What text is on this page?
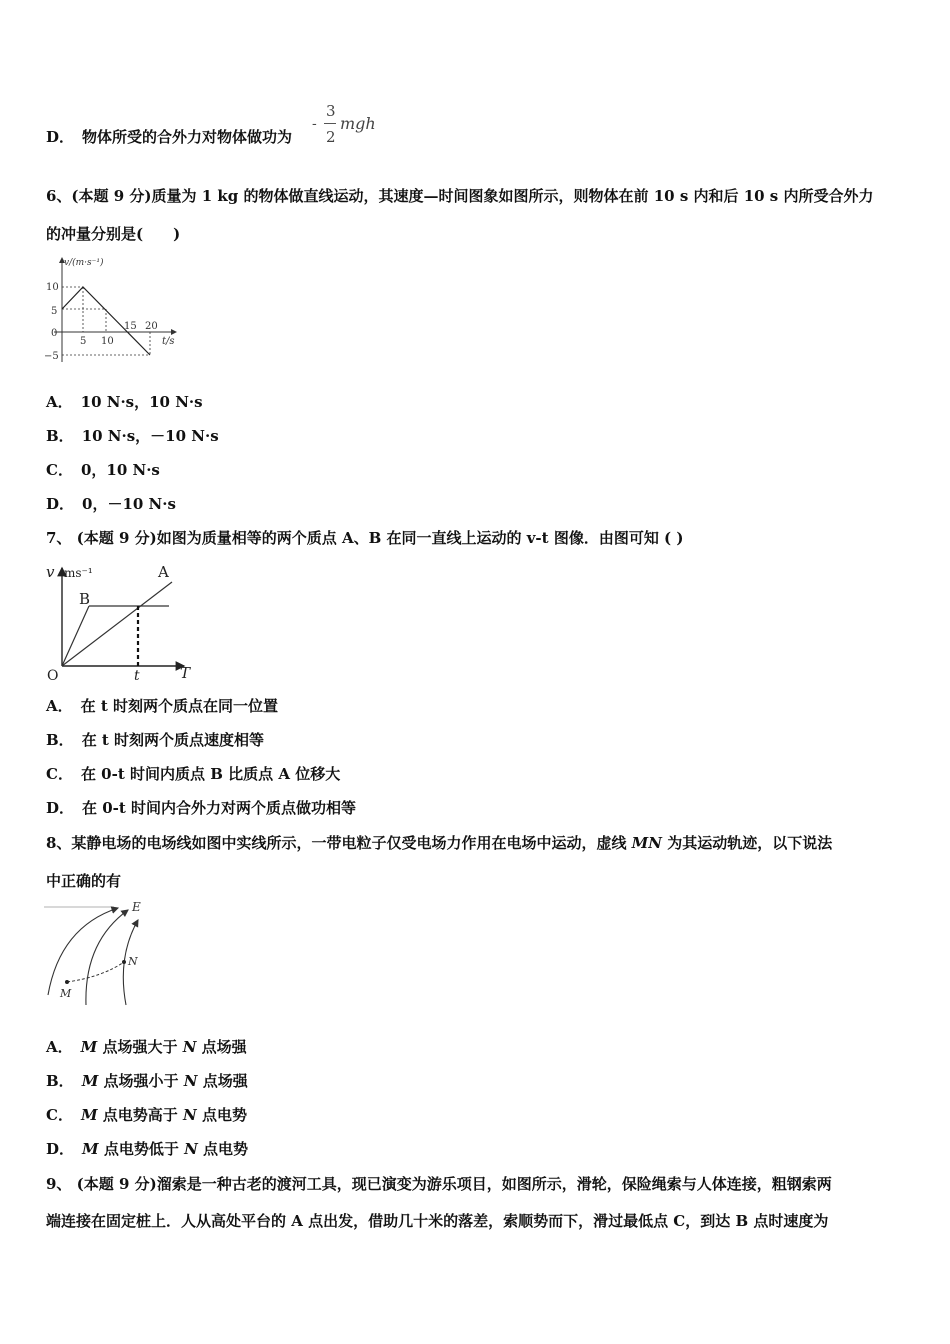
D． 物体所受的合外力对物体做功为
-
3
2
mgh
6、(本题 9 分)质量为 1 kg 的物体做直线运动，其速度—时间图象如图所示，则物体在前 10 s 内和后 10 s 内所受合外力
的冲量分别是(　　)
v/(m·s⁻¹)
t/s
10
5
0
−5
5 10
15 20
A． 10 N·s，10 N·s
B． 10 N·s，－10 N·s
C． 0，10 N·s
D． 0，－10 N·s
7、 (本题 9 分)如图为质量相等的两个质点 A、B 在同一直线上运动的 v-t 图像．由图可知 ( )
v ms⁻¹
T
O
A
B
t
A． 在 t 时刻两个质点在同一位置
B． 在 t 时刻两个质点速度相等
C． 在 0-t 时间内质点 B 比质点 A 位移大
D． 在 0-t 时间内合外力对两个质点做功相等
8、某静电场的电场线如图中实线所示，一带电粒子仅受电场力作用在电场中运动，虚线 MN 为其运动轨迹，以下说法
中正确的有
E
M
N
A． M 点场强大于 N 点场强
B． M 点场强小于 N 点场强
C． M 点电势高于 N 点电势
D． M 点电势低于 N 点电势
9、 (本题 9 分)溜索是一种古老的渡河工具，现已演变为游乐项目，如图所示，滑轮，保险绳索与人体连接，粗钢索两
端连接在固定桩上．人从高处平台的 A 点出发，借助几十米的落差，索顺势而下，滑过最低点 C，到达 B 点时速度为
